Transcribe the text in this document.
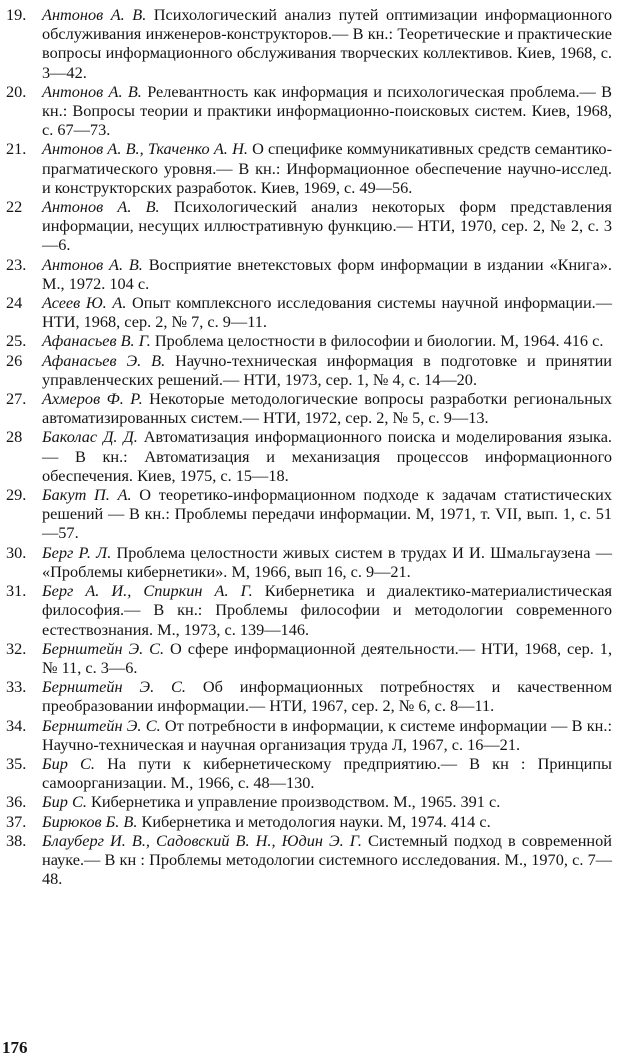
19. Антонов А. В. Психологический анализ путей оптимизации информационного обслуживания инженеров-конструкторов.— В кн.: Теоретические и практические вопросы информационного обслуживания творческих коллективов. Киев, 1968, с. 3—42.
20. Антонов А. В. Релевантность как информация и психологическая проблема.— В кн.: Вопросы теории и практики информационно-поисковых систем. Киев, 1968, с. 67—73.
21. Антонов А. В., Ткаченко А. Н. О специфике коммуникативных средств семантико-прагматического уровня.— В кн.: Информационное обеспечение научно-исслед. и конструкторских разработок. Киев, 1969, с. 49—56.
22	Антонов А. В. Психологический анализ некоторых форм представления информации, несущих иллюстративную функцию.— НТИ, 1970, сер. 2, № 2, с. 3—6.
23. Антонов А. В. Восприятие внетекстовых форм информации в издании «Книга». М., 1972. 104 с.
24	Асеев Ю. А. Опыт комплексного исследования системы научной информации.— НТИ, 1968, сер. 2, № 7, с. 9—11.
25. Афанасьев В. Г. Проблема целостности в философии и биологии. М, 1964. 416 с.
26	Афанасьев Э. В. Научно-техническая информация в подготовке и принятии управленческих решений.— НТИ, 1973, сер. 1, № 4, с. 14—20.
27. Ахмеров Ф. Р. Некоторые методологические вопросы разработки региональных автоматизированных систем.— НТИ, 1972, сер. 2, № 5, с. 9—13.
28	Баколас Д. Д. Автоматизация информационного поиска и моделирования языка.— В кн.: Автоматизация и механизация процессов информационного обеспечения. Киев, 1975, с. 15—18.
29. Бакут П. А. О теоретико-информационном подходе к задачам статистических решений — В кн.: Проблемы передачи информации. М, 1971, т. VII, вып. 1, с. 51—57.
30. Берг Р. Л. Проблема целостности живых систем в трудах И И. Шмальгаузена — «Проблемы кибернетики». М, 1966, вып 16, с. 9—21.
31. Берг А. И., Спиркин А. Г. Кибернетика и диалектико-материалистическая философия.— В кн.: Проблемы философии и методологии современного естествознания. М., 1973, с. 139—146.
32. Бернштейн Э. С. О сфере информационной деятельности.— НТИ, 1968, сер. 1, № 11, с. 3—6.
33. Бернштейн Э. С. Об информационных потребностях и качественном преобразовании информации.— НТИ, 1967, сер. 2, № 6, с. 8—11.
34. Бернштейн Э. С. От потребности в информации, к системе информации — В кн.: Научно-техническая и научная организация труда Л, 1967, с. 16—21.
35. Бир С. На пути к кибернетическому предприятию.— В кн : Принципы самоорганизации. М., 1966, с. 48—130.
36. Бир С. Кибернетика и управление производством. М., 1965. 391 с.
37. Бирюков Б. В. Кибернетика и методология науки. М, 1974. 414 с.
38. Блауберг И. В., Садовский В. Н., Юдин Э. Г. Системный подход в современной науке.— В кн : Проблемы методологии системного исследования. М., 1970, с. 7—48.
176
